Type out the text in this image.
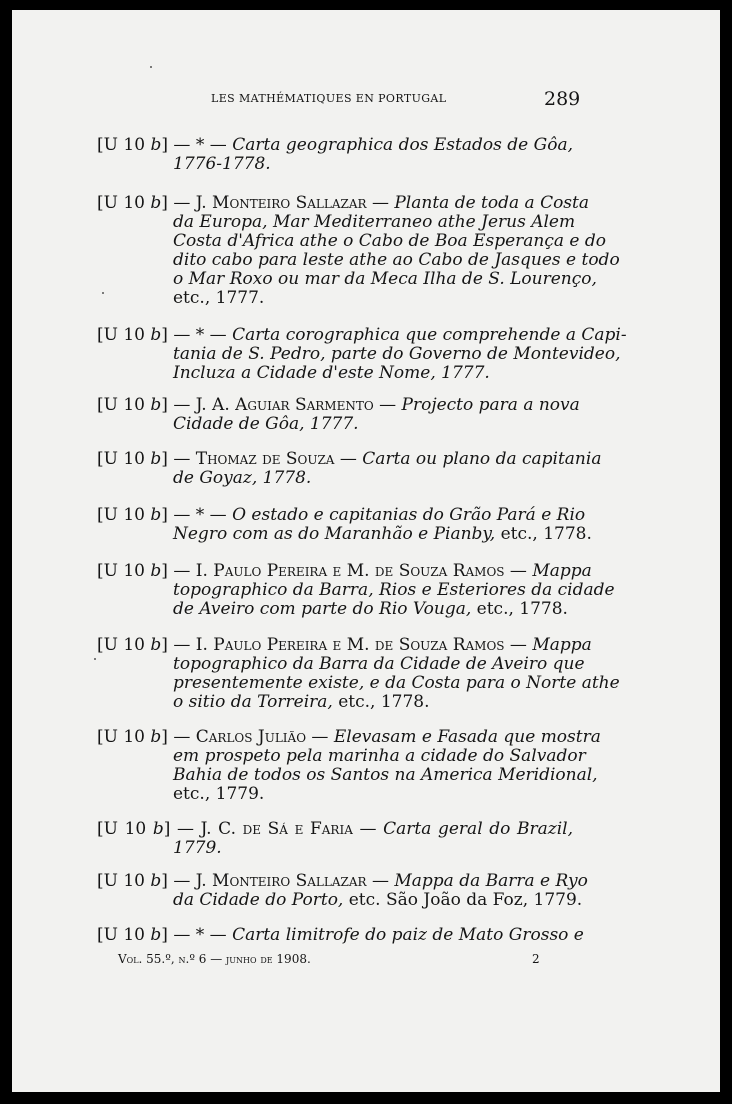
LES MATHÉMATIQUES EN PORTUGAL	289
[U 10 b] — * — Carta geographica dos Estados de Gôa,
1776-1778.
[U 10 b] — J. Monteiro Sallazar — Planta de toda a Costa
da Europa, Mar Mediterraneo athe Jerus Alem
Costa d'Africa athe o Cabo de Boa Esperança e do
dito cabo para leste athe ao Cabo de Jasques e todo
o Mar Roxo ou mar da Meca Ilha de S. Lourenço,
etc., 1777.
[U 10 b] — * — Carta corographica que comprehende a Capi-
tania de S. Pedro, parte do Governo de Montevideo,
Incluza a Cidade d'este Nome, 1777.
[U 10 b] — J. A. Aguiar Sarmento — Projecto para a nova
Cidade de Gôa, 1777.
[U 10 b] — Thomaz de Souza — Carta ou plano da capitania
de Goyaz, 1778.
[U 10 b] — * — O estado e capitanias do Grão Pará e Rio
Negro com as do Maranhão e Pianby, etc., 1778.
[U 10 b] — I. Paulo Pereira e M. de Souza Ramos — Mappa
topographico da Barra, Rios e Esteriores da cidade
de Aveiro com parte do Rio Vouga, etc., 1778.
[U 10 b] — I. Paulo Pereira e M. de Souza Ramos — Mappa
topographico da Barra da Cidade de Aveiro que
presentemente existe, e da Costa para o Norte athe
o sitio da Torreira, etc., 1778.
[U 10 b] — Carlos Julião — Elevasam e Fasada que mostra
em prospeto pela marinha a cidade do Salvador
Bahia de todos os Santos na America Meridional,
etc., 1779.
[U 10 b] — J. C. de Sá e Faria — Carta geral do Brazil,
1779.
[U 10 b] — J. Monteiro Sallazar — Mappa da Barra e Ryo
da Cidade do Porto, etc. São João da Foz, 1779.
[U 10 b] — * — Carta limitrofe do paiz de Mato Grosso e
Vol. 55.º, n.º 6 — junho de 1908.	2
